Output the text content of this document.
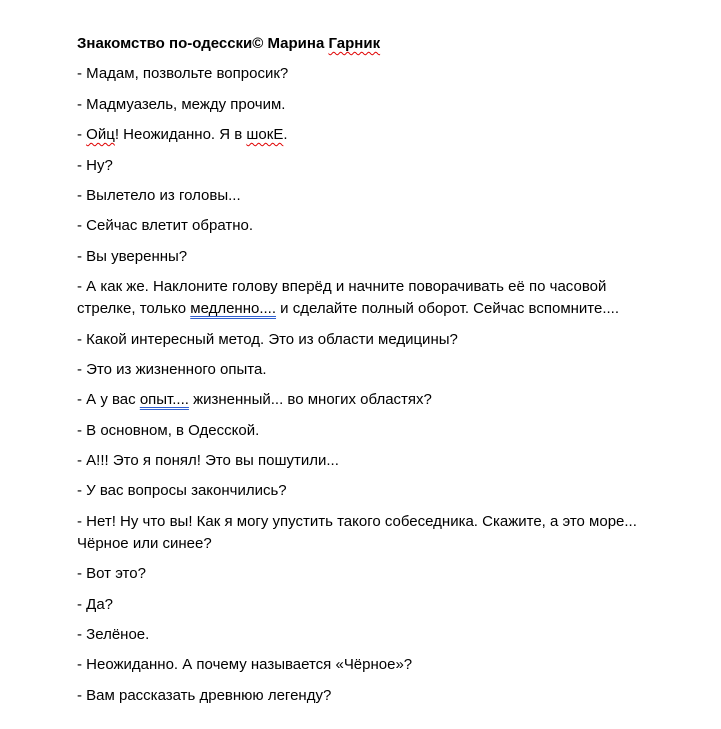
Знакомство по-одесски© Марина Гарник

- Мадам, позвольте вопросик?

- Мадмуазель, между прочим.

- Ойц! Неожиданно. Я в шокЕ.

- Ну?

- Вылетело из головы...

- Сейчас влетит обратно.

- Вы уверенны?

- А как же. Наклоните голову вперёд и начните поворачивать её по часовой
стрелке, только медленно.... и сделайте полный оборот. Сейчас вспомните....

- Какой интересный метод. Это из области медицины?

- Это из жизненного опыта.

- А у вас опыт.... жизненный... во многих областях?

- В основном, в Одесской.

- А!!! Это я понял! Это вы пошутили...

- У вас вопросы закончились?

- Нет! Ну что вы! Как я могу упустить такого собеседника. Скажите, а это море...
Чёрное или синее?

- Вот это?

- Да?

- Зелёное.

- Неожиданно. А почему называется «Чёрное»?

- Вам рассказать древнюю легенду?
